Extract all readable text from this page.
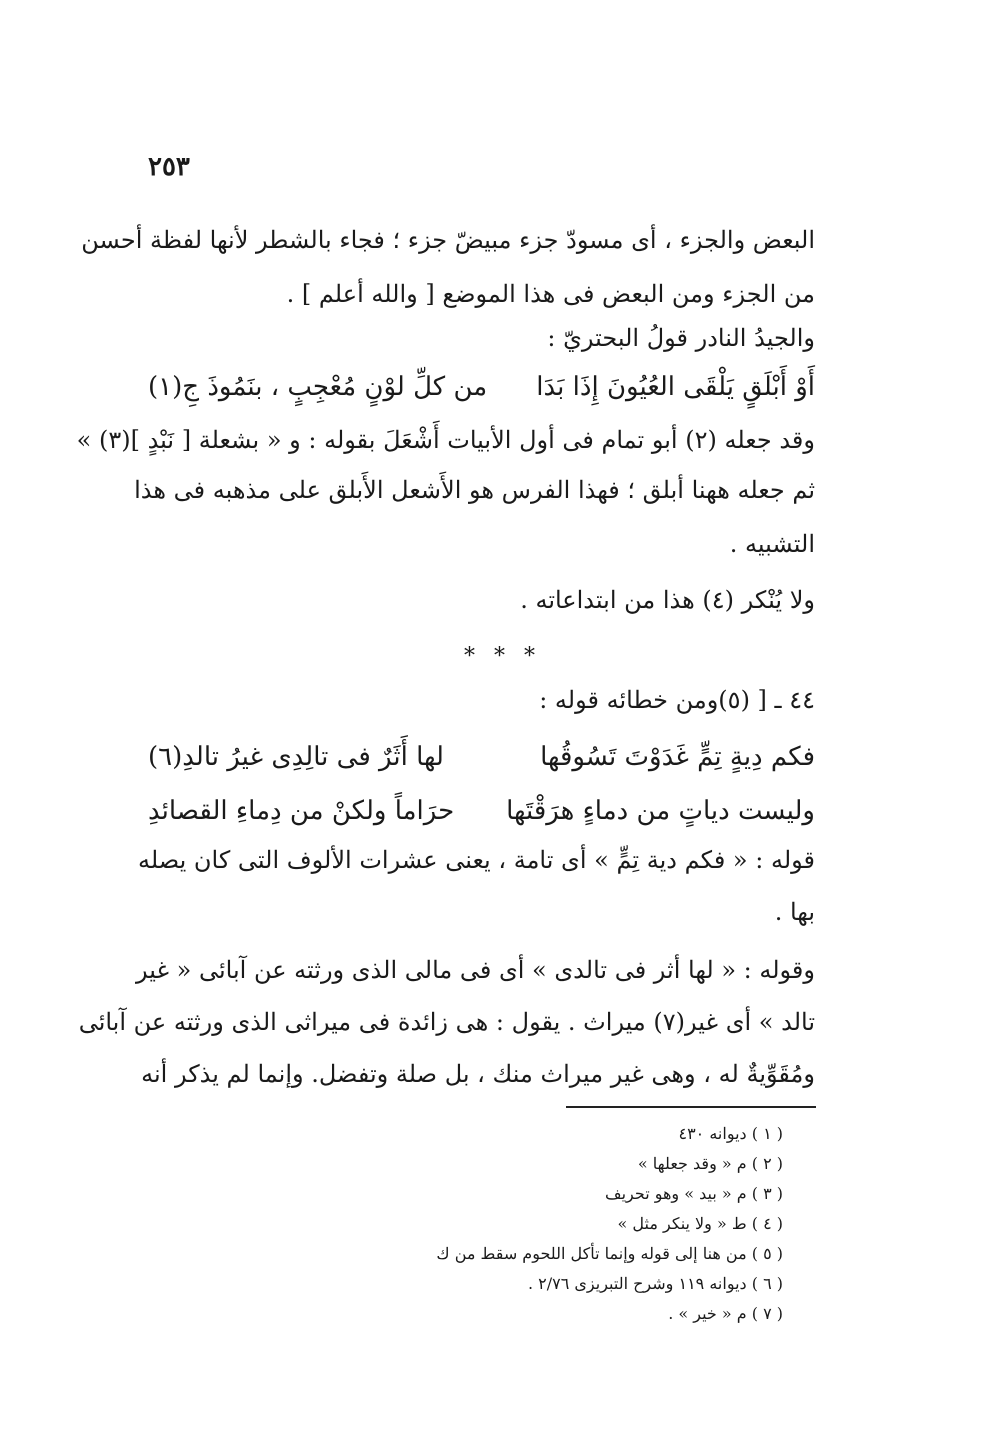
٢٥٣
البعض والجزء ، أى مسودّ جزء مبيضّ جزء ؛ فجاء بالشطر لأنها لفظة أحسن
من الجزء ومن البعض فى هذا الموضع [ والله أعلم ] .
والجيدُ النادر قولُ البحتريّ :
أَوْ أَبْلَقٍ يَلْقَى العُيُونَ إِذَا بَدَا
من كلِّ لوْنٍ مُعْجِبٍ ، بنَمُوذَ جِ(١)
وقد جعله (٢) أبو تمام فى أول الأبيات أَشْعَلَ بقوله : و « بشعلة [ نَبْدٍ ](٣) »
ثم جعله ههنا أبلق ؛ فهذا الفرس هو الأَشعل الأَبلق على مذهبه فى هذا
التشبيه .
ولا يُنْكر (٤) هذا من ابتداعاته .
* * *
٤٤ ـ [ (٥)ومن خطائه قوله :
فكم دِيةٍ تِمٍّ غَدَوْتَ تَسُوقُها
لها أَثَرٌ فى تالِدِى غيرُ تالدِ(٦)
وليست دياتٍ من دماءٍ هرَقْتَها
حرَاماً ولكنْ من دِماءِ القصائدِ
قوله : « فكم دية تِمٍّ » أى تامة ، يعنى عشرات الألوف التى كان يصله
بها .
وقوله : « لها أثر فى تالدى » أى فى مالى الذى ورثته عن آبائى « غير
تالد » أى غير(٧) ميراث . يقول : هى زائدة فى ميراثى الذى ورثته عن آبائى
ومُقَوِّيةٌ له ، وهى غير ميراث منك ، بل صلة وتفضل. وإنما لم يذكر أنه
( ١ ) ديوانه ٤٣٠
( ٢ ) م « وقد جعلها »
( ٣ ) م « بيد » وهو تحريف
( ٤ ) ط « ولا ينكر مثل »
( ٥ ) من هنا إلى قوله وإنما تأكل اللحوم سقط من ك
( ٦ ) ديوانه ١١٩ وشرح التبريزى ٢/٧٦ .
( ٧ ) م « خير » .
